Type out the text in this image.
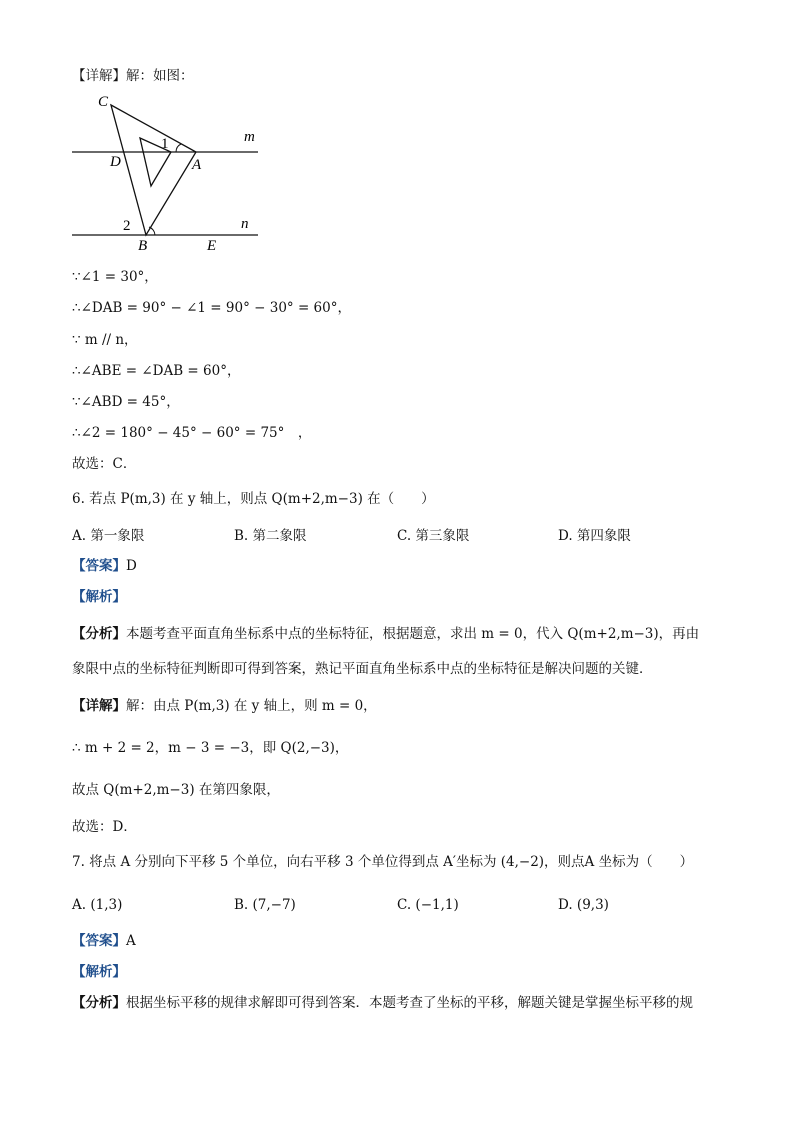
【详解】解：如图：
C
D	A
B	E
m
n
1
2
∵∠1 = 30°，
∴∠DAB = 90° − ∠1 = 90° − 30° = 60°，
∵ m // n，
∴∠ABE = ∠DAB = 60°，
∵∠ABD = 45°，
∴∠2 = 180° − 45° − 60° = 75°　，
故选：C．
6. 若点 P(m,3) 在 y 轴上，则点 Q(m+2,m−3) 在（　　）
A. 第一象限	B. 第二象限	C. 第三象限	D. 第四象限
【答案】D
【解析】
【分析】本题考查平面直角坐标系中点的坐标特征，根据题意，求出 m = 0，代入 Q(m+2,m−3)，再由
象限中点的坐标特征判断即可得到答案，熟记平面直角坐标系中点的坐标特征是解决问题的关键．
【详解】解：由点 P(m,3) 在 y 轴上，则 m = 0，
∴ m + 2 = 2，m − 3 = −3，即 Q(2,−3)，
故点 Q(m+2,m−3) 在第四象限，
故选：D．
7. 将点 A 分别向下平移 5 个单位，向右平移 3 个单位得到点 A′坐标为 (4,−2)，则点A 坐标为（　　）
A. (1,3)	B. (7,−7)	C. (−1,1)	D. (9,3)
【答案】A
【解析】
【分析】根据坐标平移的规律求解即可得到答案．本题考查了坐标的平移，解题关键是掌握坐标平移的规
